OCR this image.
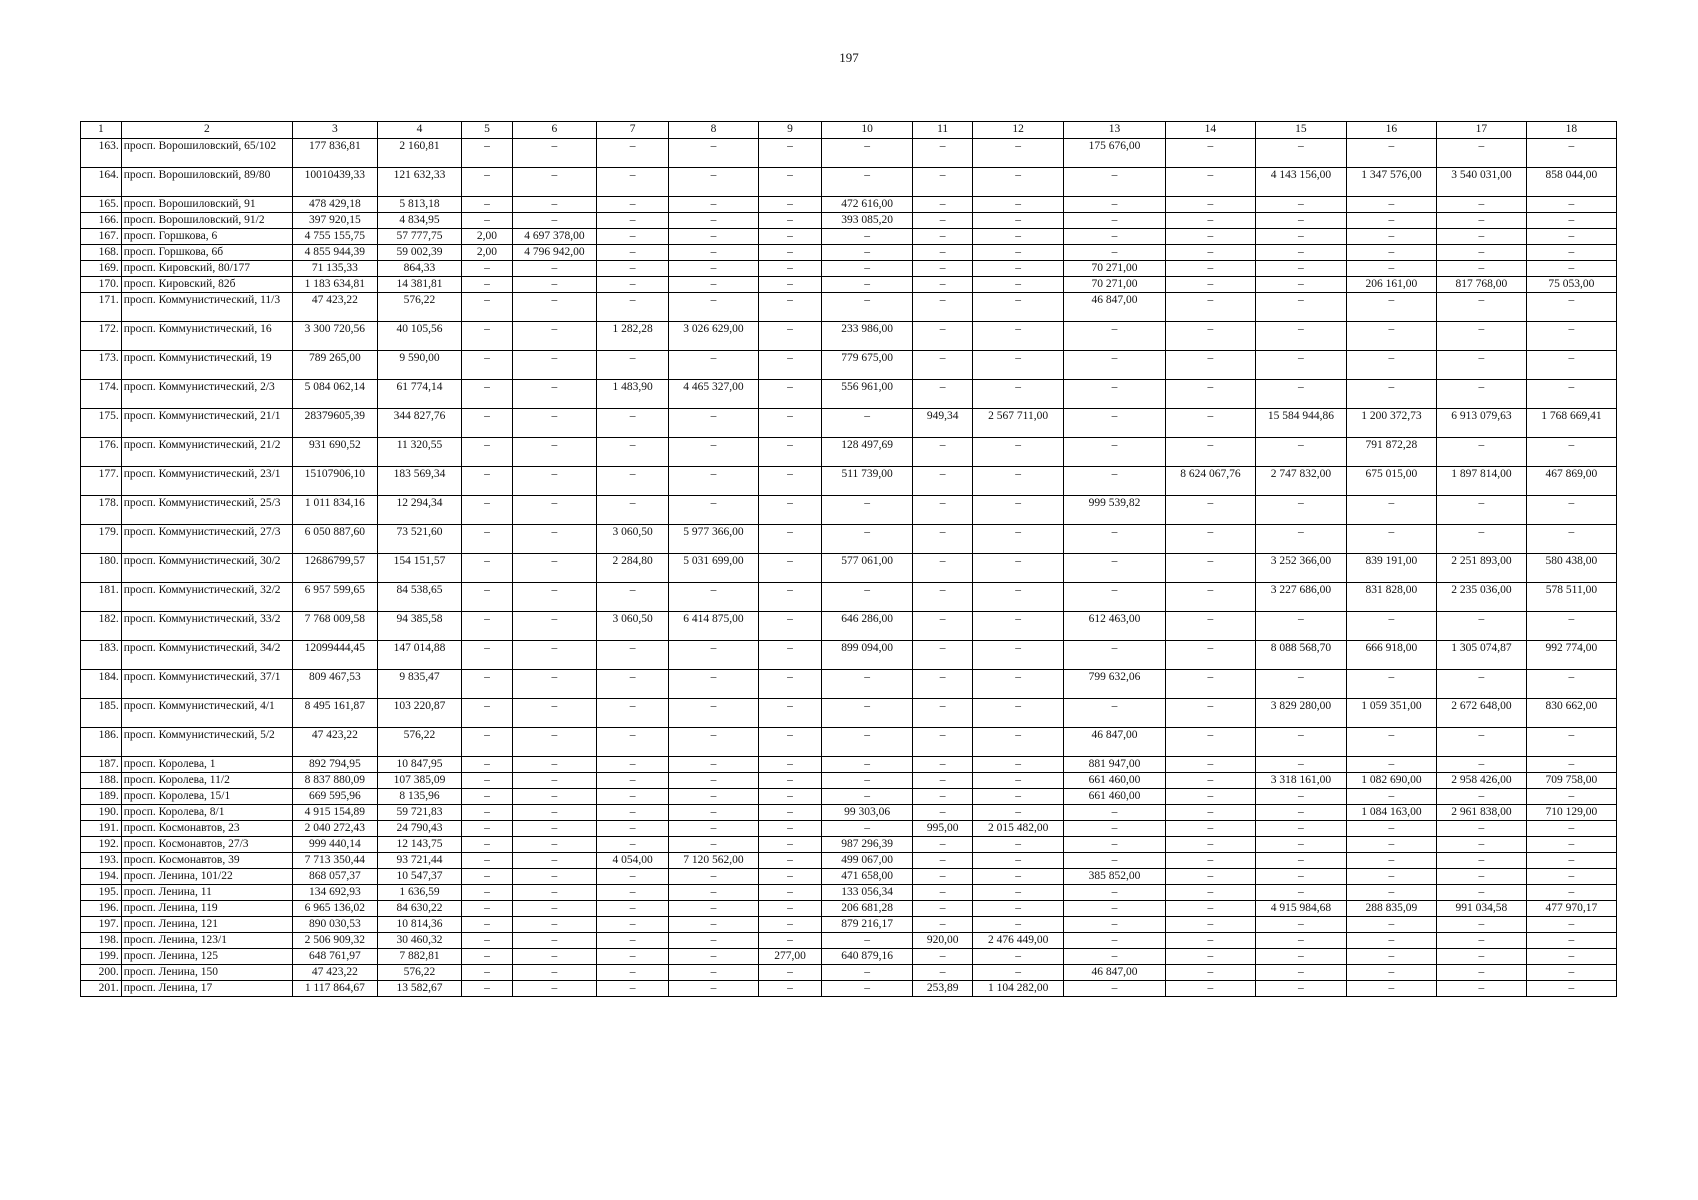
197
1	2	3	4	5	6	7	8	9	10	11	12	13	14	15	16	17	18
163.	просп. Ворошиловский, 65/102	177 836,81	2 160,81	–	–	–	–	–	–	–	–	175 676,00	–	–	–	–	–
164.	просп. Ворошиловский, 89/80	10010439,33	121 632,33	–	–	–	–	–	–	–	–	–	–	4 143 156,00	1 347 576,00	3 540 031,00	858 044,00
165.	просп. Ворошиловский, 91	478 429,18	5 813,18	–	–	–	–	–	472 616,00	–	–	–	–	–	–	–	–
166.	просп. Ворошиловский, 91/2	397 920,15	4 834,95	–	–	–	–	–	393 085,20	–	–	–	–	–	–	–	–
167.	просп. Горшкова, 6	4 755 155,75	57 777,75	2,00	4 697 378,00	–	–	–	–	–	–	–	–	–	–	–	–
168.	просп. Горшкова, 6б	4 855 944,39	59 002,39	2,00	4 796 942,00	–	–	–	–	–	–	–	–	–	–	–	–
169.	просп. Кировский, 80/177	71 135,33	864,33	–	–	–	–	–	–	–	–	70 271,00	–	–	–	–	–
170.	просп. Кировский, 82б	1 183 634,81	14 381,81	–	–	–	–	–	–	–	–	70 271,00	–	–	206 161,00	817 768,00	75 053,00
171.	просп. Коммунистический, 11/3	47 423,22	576,22	–	–	–	–	–	–	–	–	46 847,00	–	–	–	–	–
172.	просп. Коммунистический, 16	3 300 720,56	40 105,56	–	–	1 282,28	3 026 629,00	–	233 986,00	–	–	–	–	–	–	–	–
173.	просп. Коммунистический, 19	789 265,00	9 590,00	–	–	–	–	–	779 675,00	–	–	–	–	–	–	–	–
174.	просп. Коммунистический, 2/3	5 084 062,14	61 774,14	–	–	1 483,90	4 465 327,00	–	556 961,00	–	–	–	–	–	–	–	–
175.	просп. Коммунистический, 21/1	28379605,39	344 827,76	–	–	–	–	–	–	949,34	2 567 711,00	–	–	15 584 944,86	1 200 372,73	6 913 079,63	1 768 669,41
176.	просп. Коммунистический, 21/2	931 690,52	11 320,55	–	–	–	–	–	128 497,69	–	–	–	–	–	791 872,28	–	–
177.	просп. Коммунистический, 23/1	15107906,10	183 569,34	–	–	–	–	–	511 739,00	–	–	–	8 624 067,76	2 747 832,00	675 015,00	1 897 814,00	467 869,00
178.	просп. Коммунистический, 25/3	1 011 834,16	12 294,34	–	–	–	–	–	–	–	–	999 539,82	–	–	–	–	–
179.	просп. Коммунистический, 27/3	6 050 887,60	73 521,60	–	–	3 060,50	5 977 366,00	–	–	–	–	–	–	–	–	–	–
180.	просп. Коммунистический, 30/2	12686799,57	154 151,57	–	–	2 284,80	5 031 699,00	–	577 061,00	–	–	–	–	3 252 366,00	839 191,00	2 251 893,00	580 438,00
181.	просп. Коммунистический, 32/2	6 957 599,65	84 538,65	–	–	–	–	–	–	–	–	–	–	3 227 686,00	831 828,00	2 235 036,00	578 511,00
182.	просп. Коммунистический, 33/2	7 768 009,58	94 385,58	–	–	3 060,50	6 414 875,00	–	646 286,00	–	–	612 463,00	–	–	–	–	–
183.	просп. Коммунистический, 34/2	12099444,45	147 014,88	–	–	–	–	–	899 094,00	–	–	–	–	8 088 568,70	666 918,00	1 305 074,87	992 774,00
184.	просп. Коммунистический, 37/1	809 467,53	9 835,47	–	–	–	–	–	–	–	–	799 632,06	–	–	–	–	–
185.	просп. Коммунистический, 4/1	8 495 161,87	103 220,87	–	–	–	–	–	–	–	–	–	–	3 829 280,00	1 059 351,00	2 672 648,00	830 662,00
186.	просп. Коммунистический, 5/2	47 423,22	576,22	–	–	–	–	–	–	–	–	46 847,00	–	–	–	–	–
187.	просп. Королева, 1	892 794,95	10 847,95	–	–	–	–	–	–	–	–	881 947,00	–	–	–	–	–
188.	просп. Королева, 11/2	8 837 880,09	107 385,09	–	–	–	–	–	–	–	–	661 460,00	–	3 318 161,00	1 082 690,00	2 958 426,00	709 758,00
189.	просп. Королева, 15/1	669 595,96	8 135,96	–	–	–	–	–	–	–	–	661 460,00	–	–	–	–	–
190.	просп. Королева, 8/1	4 915 154,89	59 721,83	–	–	–	–	–	99 303,06	–	–	–	–	–	1 084 163,00	2 961 838,00	710 129,00
191.	просп. Космонавтов, 23	2 040 272,43	24 790,43	–	–	–	–	–	–	995,00	2 015 482,00	–	–	–	–	–	–
192.	просп. Космонавтов, 27/3	999 440,14	12 143,75	–	–	–	–	–	987 296,39	–	–	–	–	–	–	–	–
193.	просп. Космонавтов, 39	7 713 350,44	93 721,44	–	–	4 054,00	7 120 562,00	–	499 067,00	–	–	–	–	–	–	–	–
194.	просп. Ленина, 101/22	868 057,37	10 547,37	–	–	–	–	–	471 658,00	–	–	385 852,00	–	–	–	–	–
195.	просп. Ленина, 11	134 692,93	1 636,59	–	–	–	–	–	133 056,34	–	–	–	–	–	–	–	–
196.	просп. Ленина, 119	6 965 136,02	84 630,22	–	–	–	–	–	206 681,28	–	–	–	–	4 915 984,68	288 835,09	991 034,58	477 970,17
197.	просп. Ленина, 121	890 030,53	10 814,36	–	–	–	–	–	879 216,17	–	–	–	–	–	–	–	–
198.	просп. Ленина, 123/1	2 506 909,32	30 460,32	–	–	–	–	–	–	920,00	2 476 449,00	–	–	–	–	–	–
199.	просп. Ленина, 125	648 761,97	7 882,81	–	–	–	–	277,00	640 879,16	–	–	–	–	–	–	–	–
200.	просп. Ленина, 150	47 423,22	576,22	–	–	–	–	–	–	–	–	46 847,00	–	–	–	–	–
201.	просп. Ленина, 17	1 117 864,67	13 582,67	–	–	–	–	–	–	253,89	1 104 282,00	–	–	–	–	–	–
